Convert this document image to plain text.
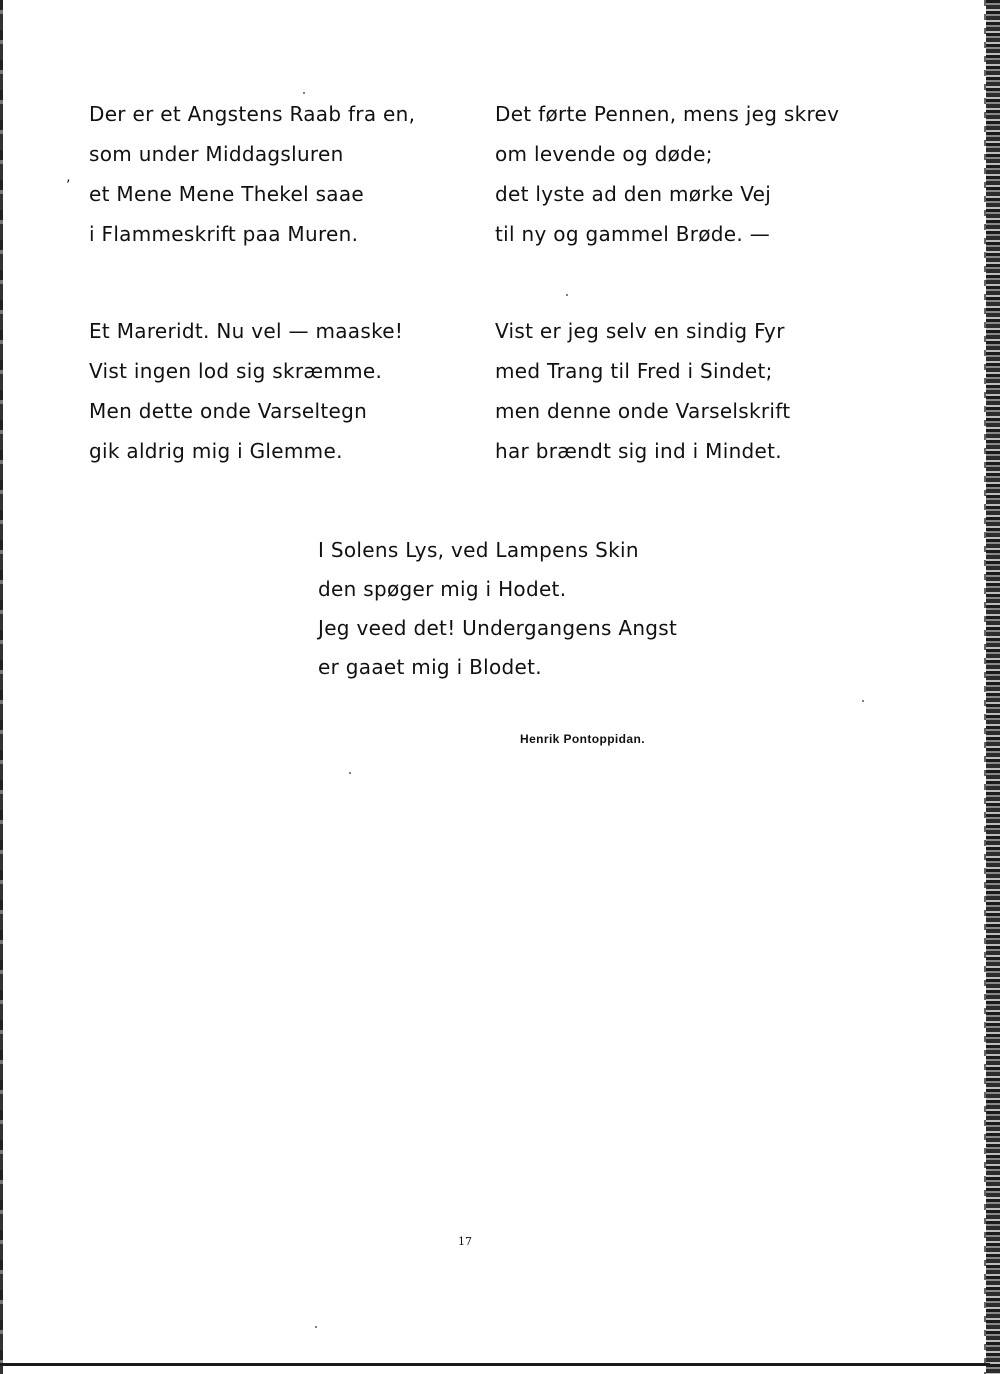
’
Der er et Angstens Raab fra en,
som under Middagsluren
et Mene Mene Thekel saae
i Flammeskrift paa Muren.
Det førte Pennen, mens jeg skrev
om levende og døde;
det lyste ad den mørke Vej
til ny og gammel Brøde. —
Et Mareridt. Nu vel — maaske!
Vist ingen lod sig skræmme.
Men dette onde Varseltegn
gik aldrig mig i Glemme.
Vist er jeg selv en sindig Fyr
med Trang til Fred i Sindet;
men denne onde Varselskrift
har brændt sig ind i Mindet.
I Solens Lys, ved Lampens Skin
den spøger mig i Hodet.
Jeg veed det! Undergangens Angst
er gaaet mig i Blodet.
Henrik Pontoppidan.
17
